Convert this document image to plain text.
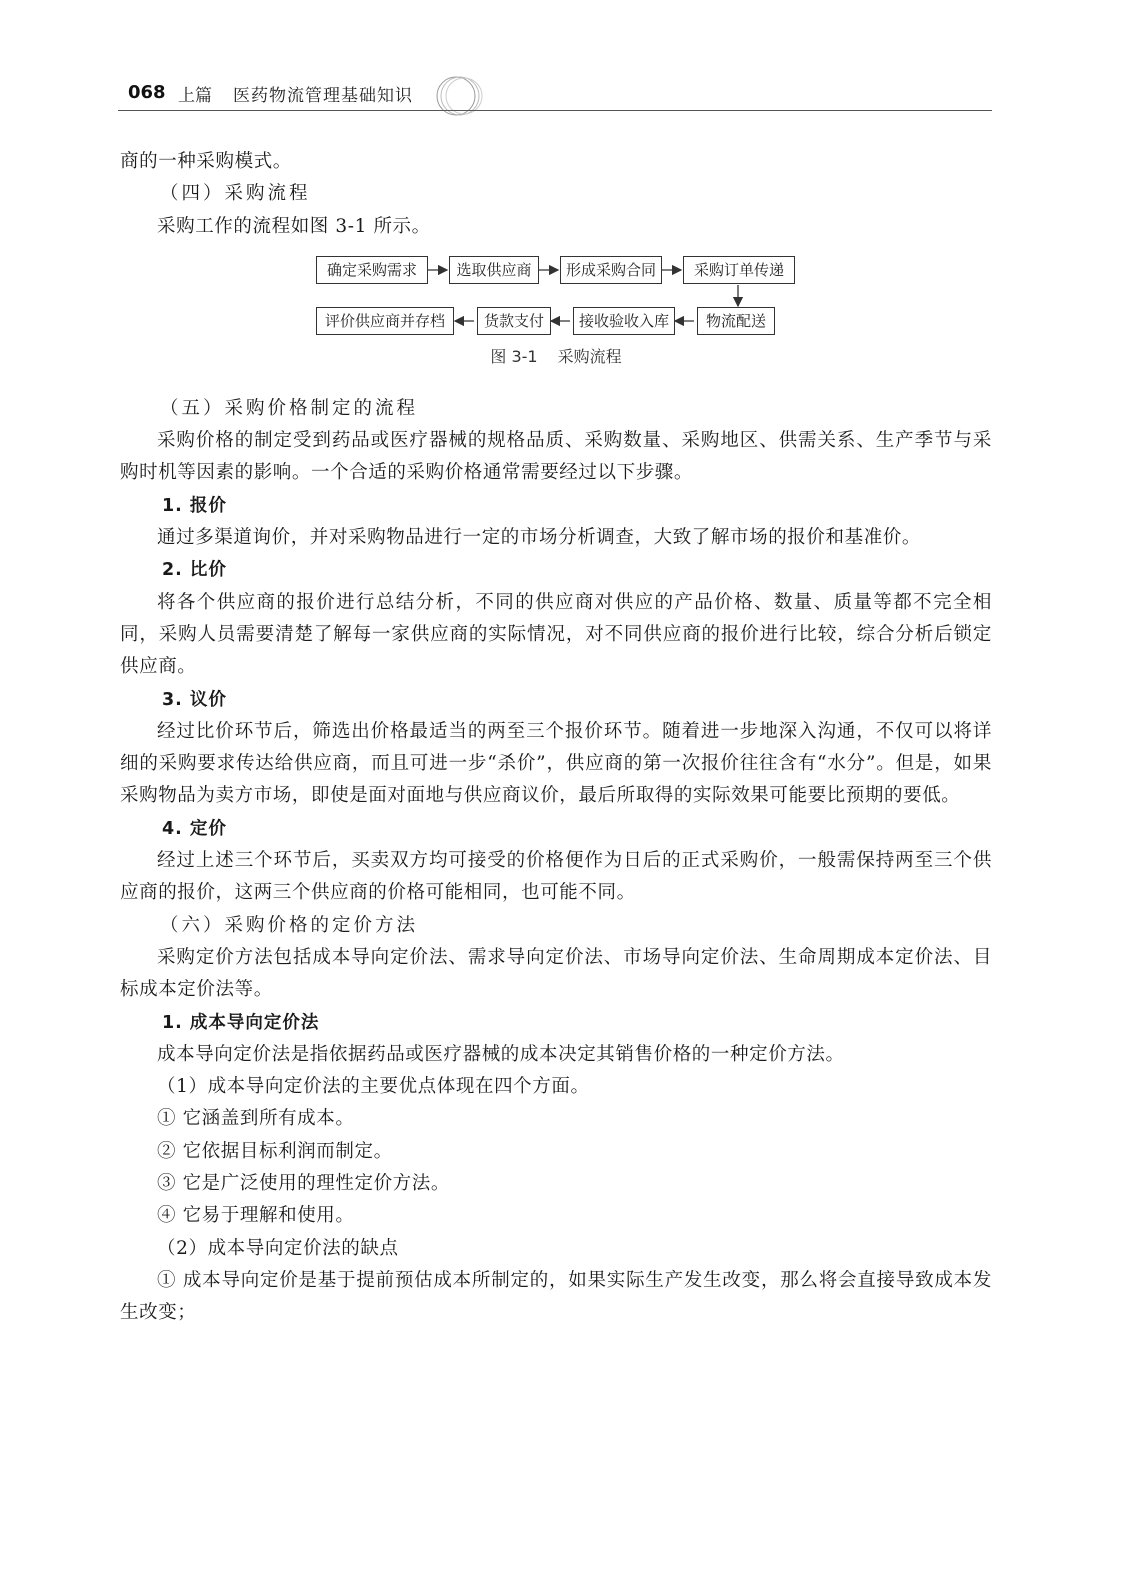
068 上篇 医药物流管理基础知识

商的一种采购模式。

（四）采购流程

采购工作的流程如图 3-1 所示。

确定采购需求	选取供应商	形成采购合同	采购订单传递
评价供应商并存档	货款支付	接收验收入库	物流配送
图 3-1 采购流程

（五）采购价格制定的流程

采购价格的制定受到药品或医疗器械的规格品质、采购数量、采购地区、供需关系、生产季节与采购时机等因素的影响。一个合适的采购价格通常需要经过以下步骤。

1. 报价

通过多渠道询价，并对采购物品进行一定的市场分析调查，大致了解市场的报价和基准价。

2. 比价

将各个供应商的报价进行总结分析，不同的供应商对供应的产品价格、数量、质量等都不完全相同，采购人员需要清楚了解每一家供应商的实际情况，对不同供应商的报价进行比较，综合分析后锁定供应商。

3. 议价

经过比价环节后，筛选出价格最适当的两至三个报价环节。随着进一步地深入沟通，不仅可以将详细的采购要求传达给供应商，而且可进一步“杀价”，供应商的第一次报价往往含有“水分”。但是，如果采购物品为卖方市场，即使是面对面地与供应商议价，最后所取得的实际效果可能要比预期的要低。

4. 定价

经过上述三个环节后，买卖双方均可接受的价格便作为日后的正式采购价，一般需保持两至三个供应商的报价，这两三个供应商的价格可能相同，也可能不同。

（六）采购价格的定价方法

采购定价方法包括成本导向定价法、需求导向定价法、市场导向定价法、生命周期成本定价法、目标成本定价法等。

1. 成本导向定价法

成本导向定价法是指依据药品或医疗器械的成本决定其销售价格的一种定价方法。

（1）成本导向定价法的主要优点体现在四个方面。

① 它涵盖到所有成本。

② 它依据目标利润而制定。

③ 它是广泛使用的理性定价方法。

④ 它易于理解和使用。

（2）成本导向定价法的缺点

① 成本导向定价是基于提前预估成本所制定的，如果实际生产发生改变，那么将会直接导致成本发生改变；
